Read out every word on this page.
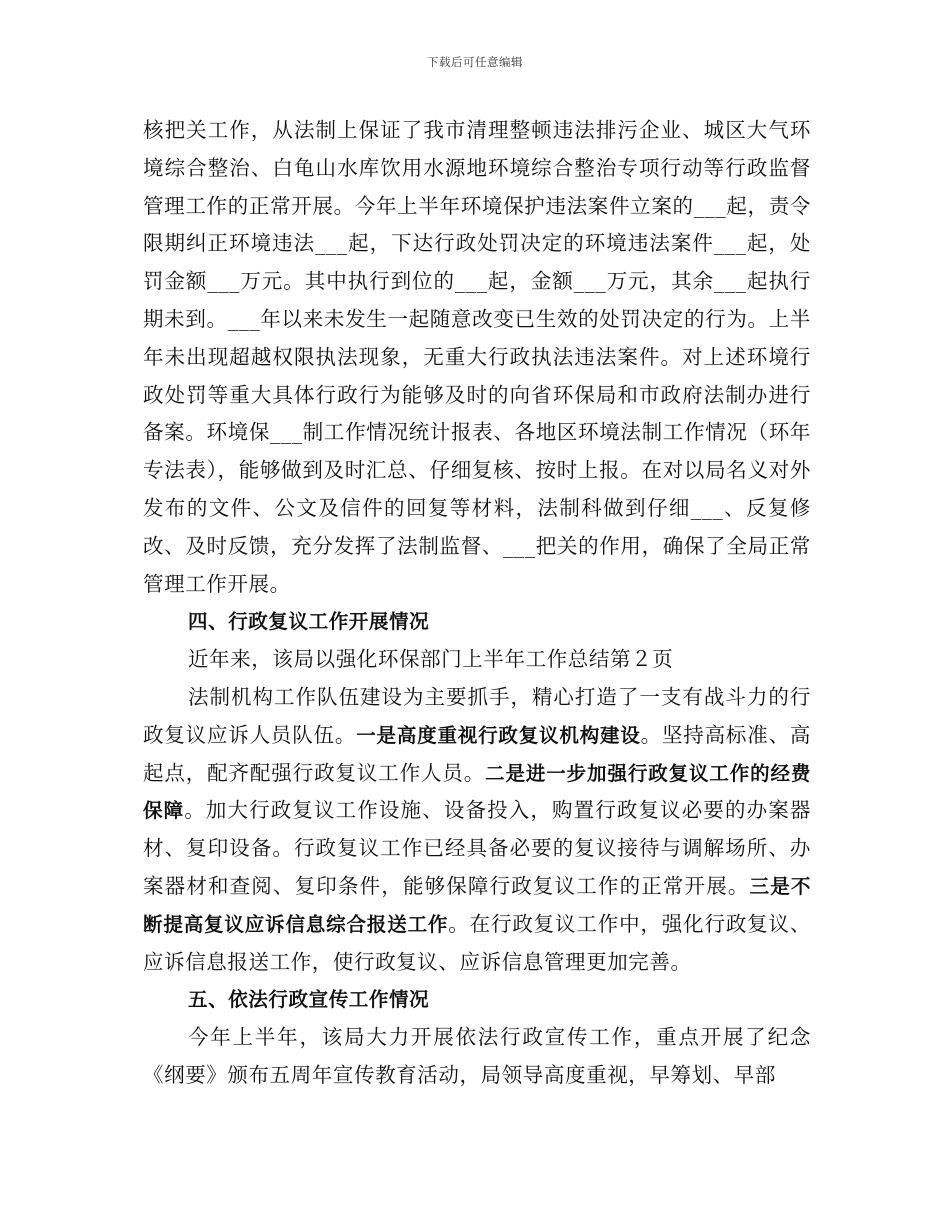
下载后可任意编辑

核把关工作，从法制上保证了我市清理整顿违法排污企业、城区大气环境综合整治、白龟山水库饮用水源地环境综合整治专项行动等行政监督管理工作的正常开展。今年上半年环境保护违法案件立案的___起，责令限期纠正环境违法___起，下达行政处罚决定的环境违法案件___起，处罚金额___万元。其中执行到位的___起，金额___万元，其余___起执行期未到。___年以来未发生一起随意改变已生效的处罚决定的行为。上半年未出现超越权限执法现象，无重大行政执法违法案件。对上述环境行政处罚等重大具体行政行为能够及时的向省环保局和市政府法制办进行备案。环境保___制工作情况统计报表、各地区环境法制工作情况（环年专法表），能够做到及时汇总、仔细复核、按时上报。在对以局名义对外发布的文件、公文及信件的回复等材料，法制科做到仔细___、反复修改、及时反馈，充分发挥了法制监督、___把关的作用，确保了全局正常管理工作开展。

四、行政复议工作开展情况

近年来，该局以强化环保部门上半年工作总结第２页

法制机构工作队伍建设为主要抓手，精心打造了一支有战斗力的行政复议应诉人员队伍。一是高度重视行政复议机构建设。坚持高标准、高起点，配齐配强行政复议工作人员。二是进一步加强行政复议工作的经费保障。加大行政复议工作设施、设备投入，购置行政复议必要的办案器材、复印设备。行政复议工作已经具备必要的复议接待与调解场所、办案器材和查阅、复印条件，能够保障行政复议工作的正常开展。三是不断提高复议应诉信息综合报送工作。在行政复议工作中，强化行政复议、应诉信息报送工作，使行政复议、应诉信息管理更加完善。

五、依法行政宣传工作情况

今年上半年，该局大力开展依法行政宣传工作，重点开展了纪念《纲要》颁布五周年宣传教育活动，局领导高度重视，早筹划、早部
